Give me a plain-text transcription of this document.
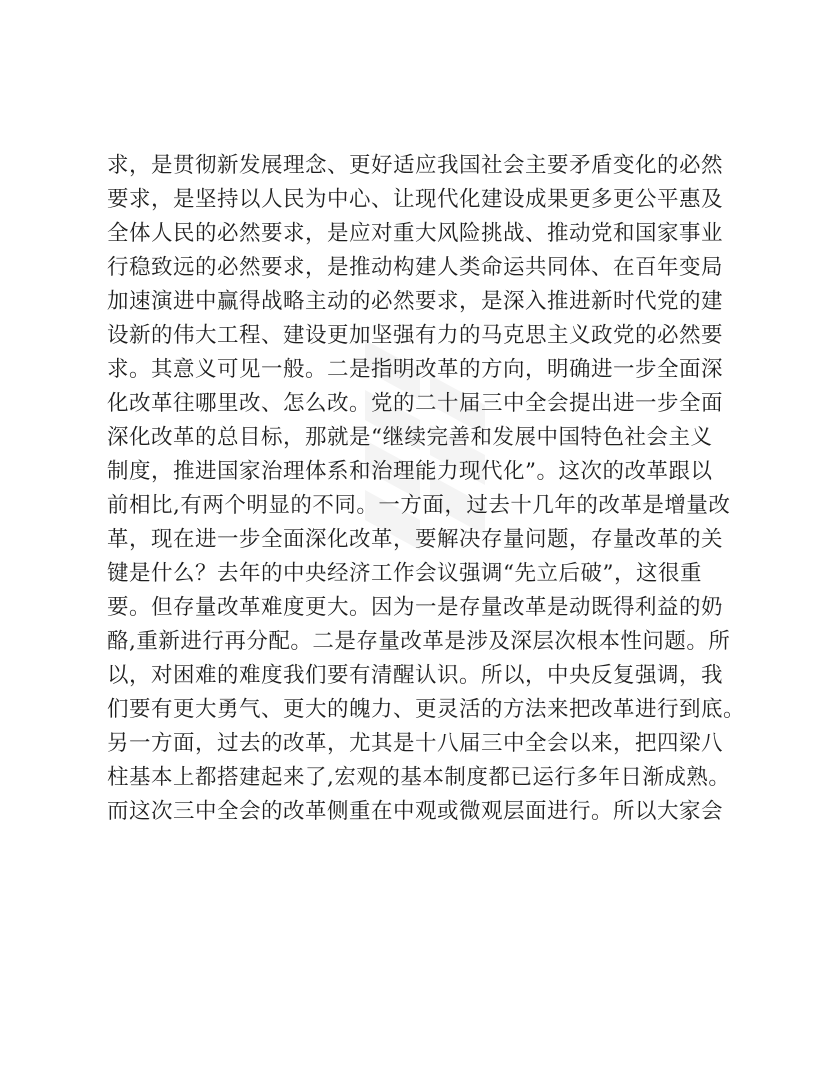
求，是贯彻新发展理念、更好适应我国社会主要矛盾变化的必然
要求，是坚持以人民为中心、让现代化建设成果更多更公平惠及
全体人民的必然要求，是应对重大风险挑战、推动党和国家事业
行稳致远的必然要求，是推动构建人类命运共同体、在百年变局
加速演进中赢得战略主动的必然要求，是深入推进新时代党的建
设新的伟大工程、建设更加坚强有力的马克思主义政党的必然要
求。其意义可见一般。二是指明改革的方向，明确进一步全面深
化改革往哪里改、怎么改。党的二十届三中全会提出进一步全面
深化改革的总目标，那就是“继续完善和发展中国特色社会主义
制度，推进国家治理体系和治理能力现代化”。这次的改革跟以
前相比,有两个明显的不同。一方面，过去十几年的改革是增量改
革，现在进一步全面深化改革，要解决存量问题，存量改革的关
键是什么？去年的中央经济工作会议强调“先立后破”，这很重
要。但存量改革难度更大。因为一是存量改革是动既得利益的奶
酪,重新进行再分配。二是存量改革是涉及深层次根本性问题。所
以，对困难的难度我们要有清醒认识。所以，中央反复强调，我
们要有更大勇气、更大的魄力、更灵活的方法来把改革进行到底。
另一方面，过去的改革，尤其是十八届三中全会以来，把四梁八
柱基本上都搭建起来了,宏观的基本制度都已运行多年日渐成熟。
而这次三中全会的改革侧重在中观或微观层面进行。所以大家会
